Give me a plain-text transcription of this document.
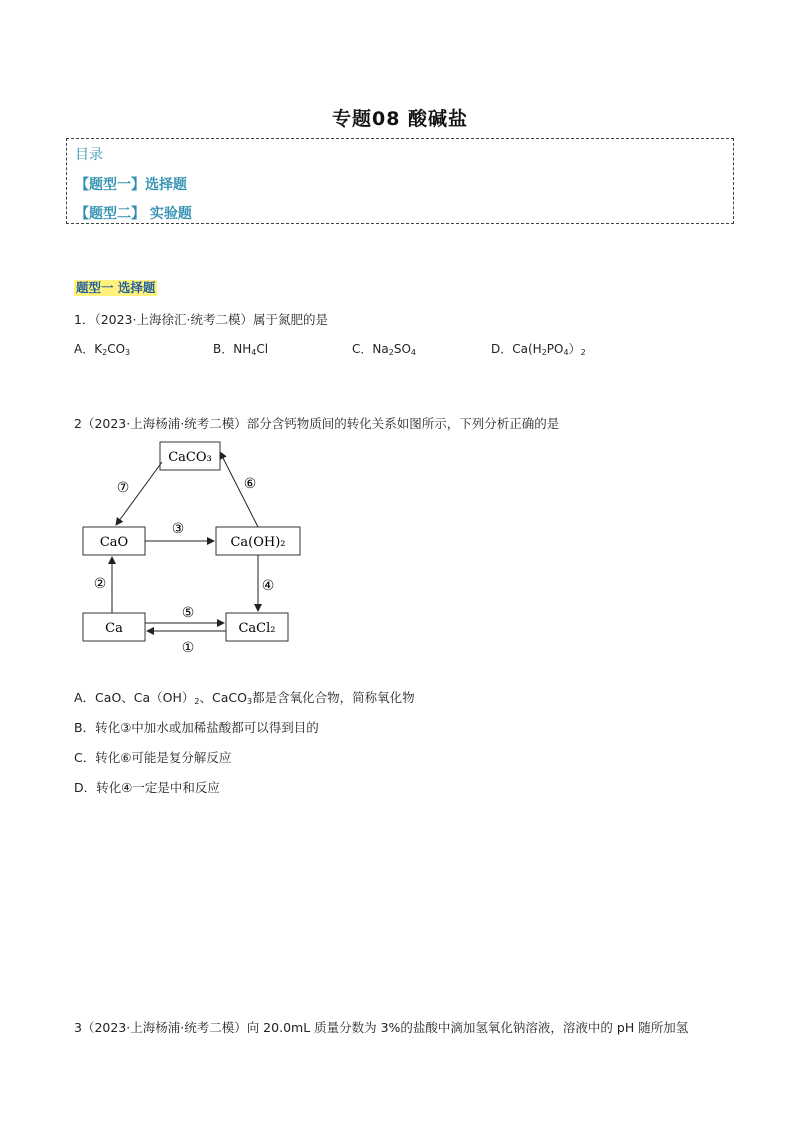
专题08 酸碱盐
目录
【题型一】选择题
【题型二】 实验题
题型一 选择题
1．（2023·上海徐汇·统考二模）属于氮肥的是
A．$K_2CO_3$	B．$NH_4Cl$	C．$Na_2SO_4$	D．$Ca(H_2PO_4)_2$
2（2023·上海杨浦·统考二模）部分含钙物质间的转化关系如图所示，下列分析正确的是
CaCO₃
CaO	Ca(OH)₂
Ca	CaCl₂
⑦	⑥
③
②	④
⑤
①
A．CaO、$Ca(OH)_2$、CaCO$_3$都是含氧化合物，简称氧化物
B．转化③中加水或加稀盐酸都可以得到目的
C．转化⑥可能是复分解反应
D．转化④一定是中和反应
3（2023·上海杨浦·统考二模）向 20.0mL 质量分数为 3%的盐酸中滴加氢氧化钠溶液，溶液中的 pH 随所加氢
